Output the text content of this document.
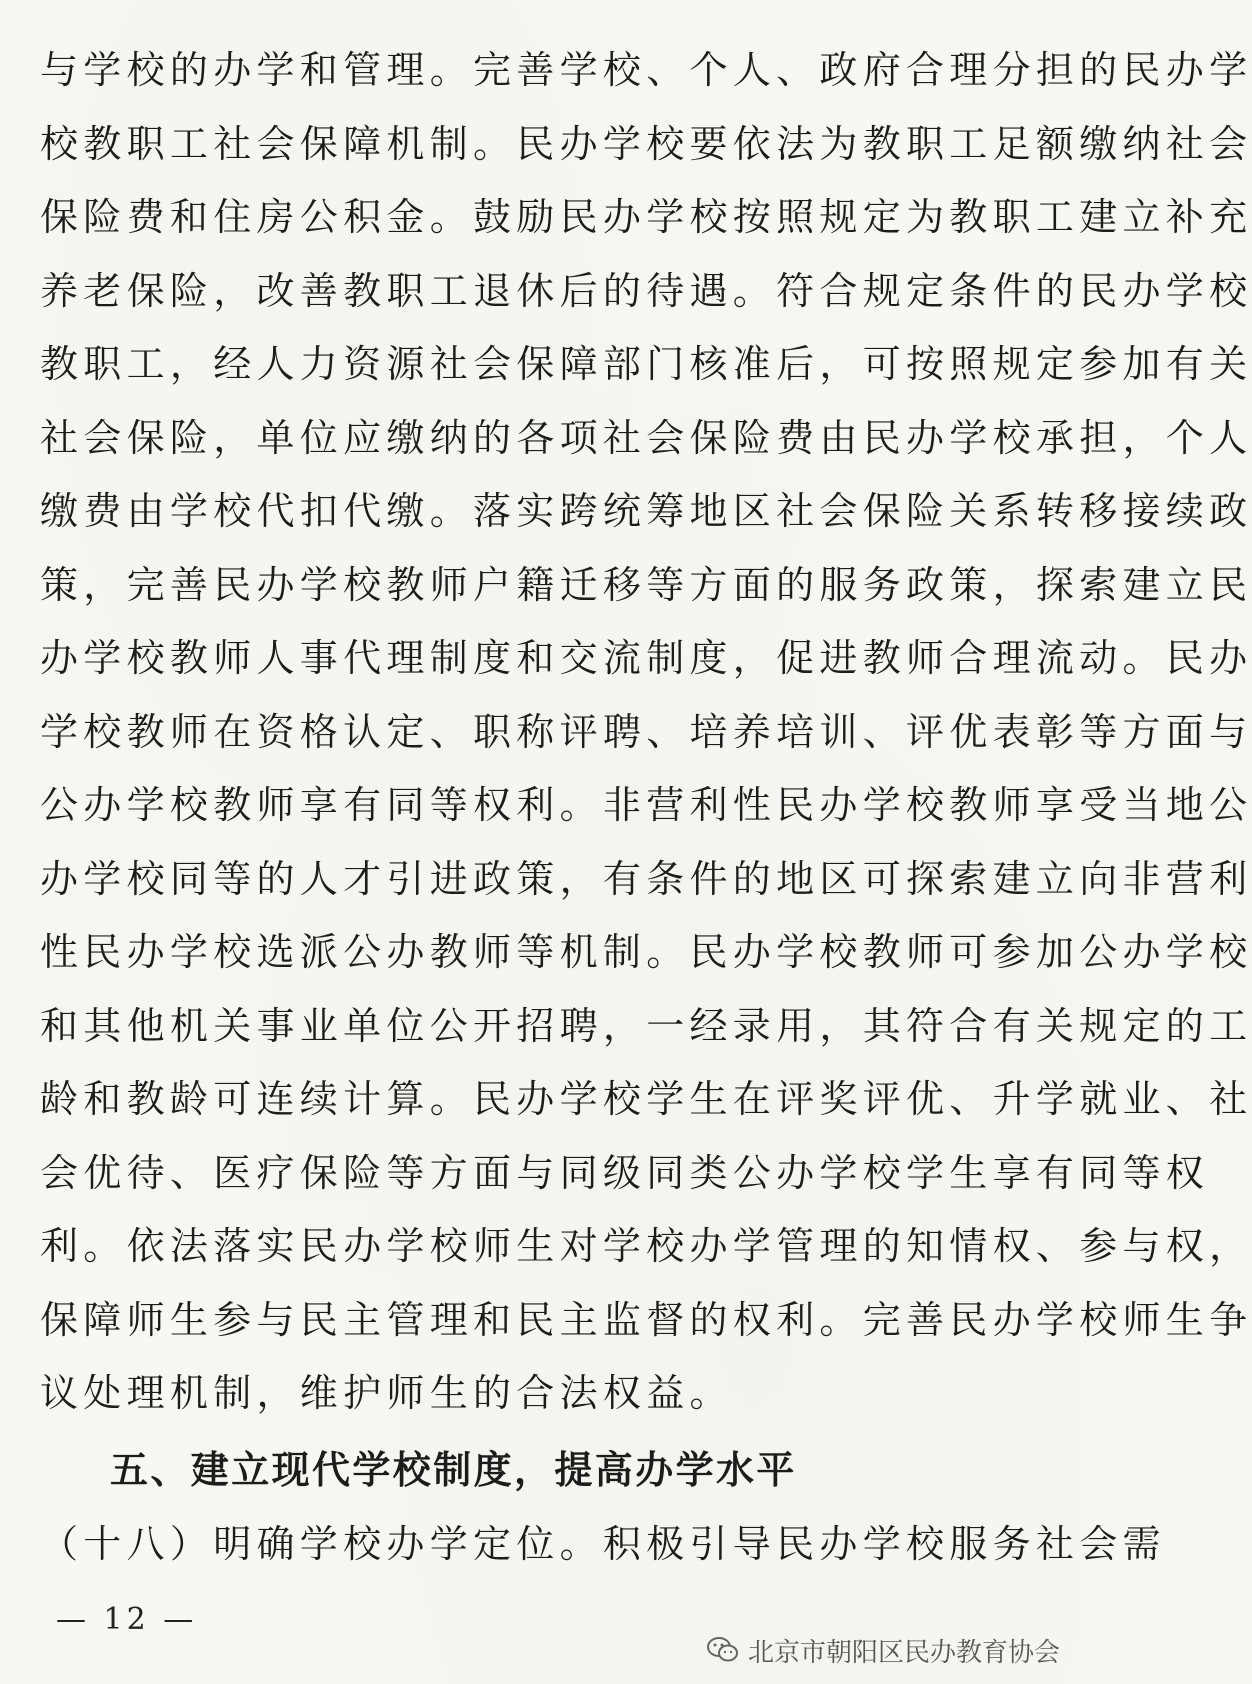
与学校的办学和管理。完善学校、个人、政府合理分担的民办学
校教职工社会保障机制。民办学校要依法为教职工足额缴纳社会
保险费和住房公积金。鼓励民办学校按照规定为教职工建立补充
养老保险，改善教职工退休后的待遇。符合规定条件的民办学校
教职工，经人力资源社会保障部门核准后，可按照规定参加有关
社会保险，单位应缴纳的各项社会保险费由民办学校承担，个人
缴费由学校代扣代缴。落实跨统筹地区社会保险关系转移接续政
策，完善民办学校教师户籍迁移等方面的服务政策，探索建立民
办学校教师人事代理制度和交流制度，促进教师合理流动。民办
学校教师在资格认定、职称评聘、培养培训、评优表彰等方面与
公办学校教师享有同等权利。非营利性民办学校教师享受当地公
办学校同等的人才引进政策，有条件的地区可探索建立向非营利
性民办学校选派公办教师等机制。民办学校教师可参加公办学校
和其他机关事业单位公开招聘，一经录用，其符合有关规定的工
龄和教龄可连续计算。民办学校学生在评奖评优、升学就业、社
会优待、医疗保险等方面与同级同类公办学校学生享有同等权
利。依法落实民办学校师生对学校办学管理的知情权、参与权，
保障师生参与民主管理和民主监督的权利。完善民办学校师生争
议处理机制，维护师生的合法权益。
五、建立现代学校制度，提高办学水平
（十八）明确学校办学定位。积极引导民办学校服务社会需
— 12 —
北京市朝阳区民办教育协会
